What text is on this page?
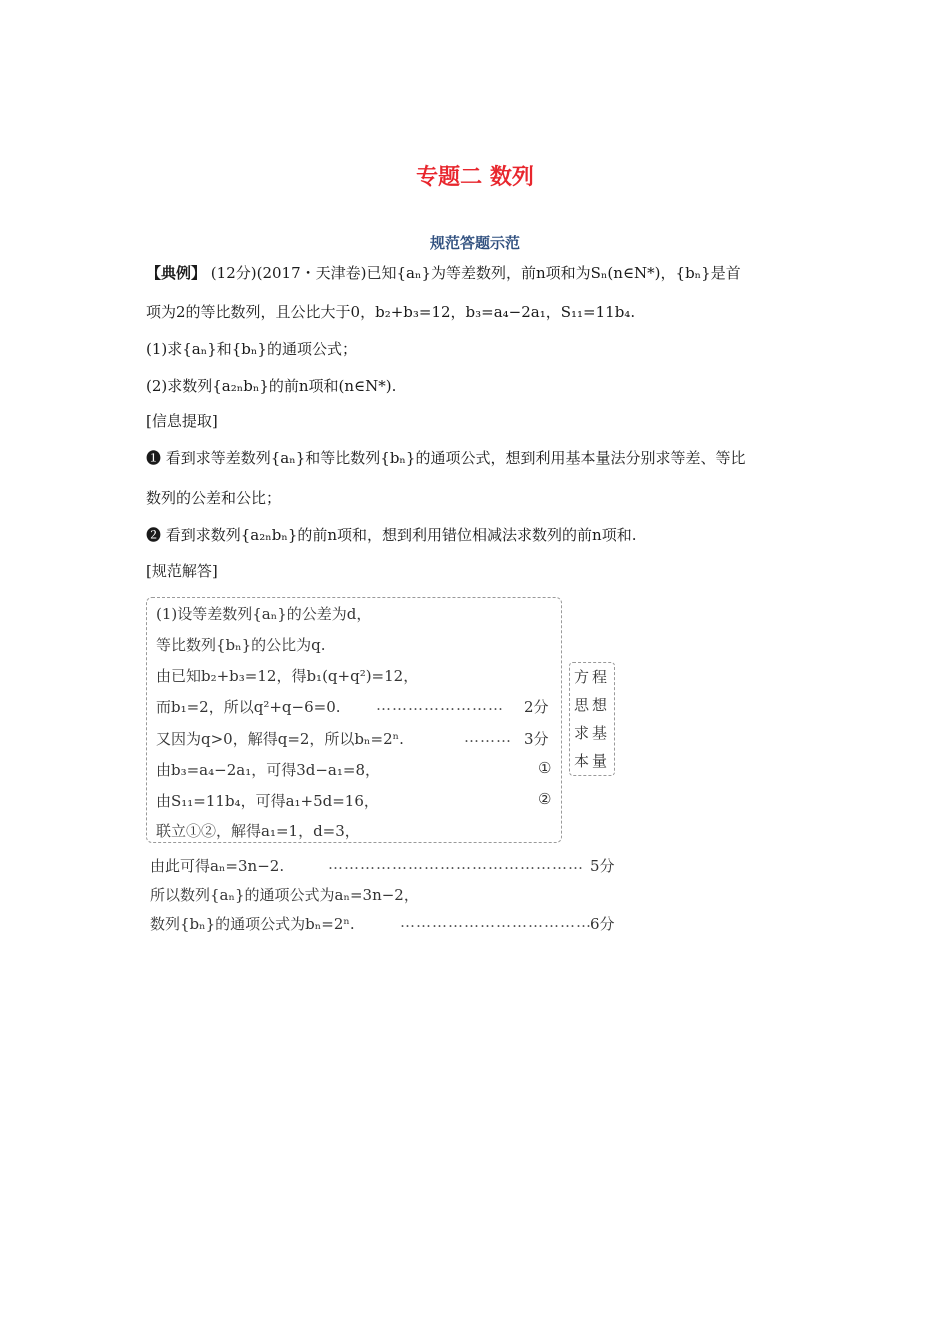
专题二 数列
规范答题示范
【典例】 (12分)(2017・天津卷)已知{aₙ}为等差数列，前n项和为Sₙ(n∈N*)，{bₙ}是首
项为2的等比数列，且公比大于0，b₂+b₃=12，b₃=a₄−2a₁，S₁₁=11b₄.
(1)求{aₙ}和{bₙ}的通项公式；
(2)求数列{a₂ₙbₙ}的前n项和(n∈N*).
[信息提取]
❶ 看到求等差数列{aₙ}和等比数列{bₙ}的通项公式，想到利用基本量法分别求等差、等比
数列的公差和公比；
❷ 看到求数列{a₂ₙbₙ}的前n项和，想到利用错位相减法求数列的前n项和.
[规范解答]
(1)设等差数列{aₙ}的公差为d，
等比数列{bₙ}的公比为q.
由已知b₂+b₃=12，得b₁(q+q²)=12，
而b₁=2，所以q²+q−6=0. …………………… 2分
又因为q>0，解得q=2，所以bₙ=2ⁿ.	……… 3分
由b₃=a₄−2a₁，可得3d−a₁=8，	①
由S₁₁=11b₄，可得a₁+5d=16，	②
联立①②，解得a₁=1，d=3，
方程
思想
求基
本量
由此可得aₙ=3n−2.	………………………………………… 5分
所以数列{aₙ}的通项公式为aₙ=3n−2，
数列{bₙ}的通项公式为bₙ=2ⁿ.	………………………………
6分
